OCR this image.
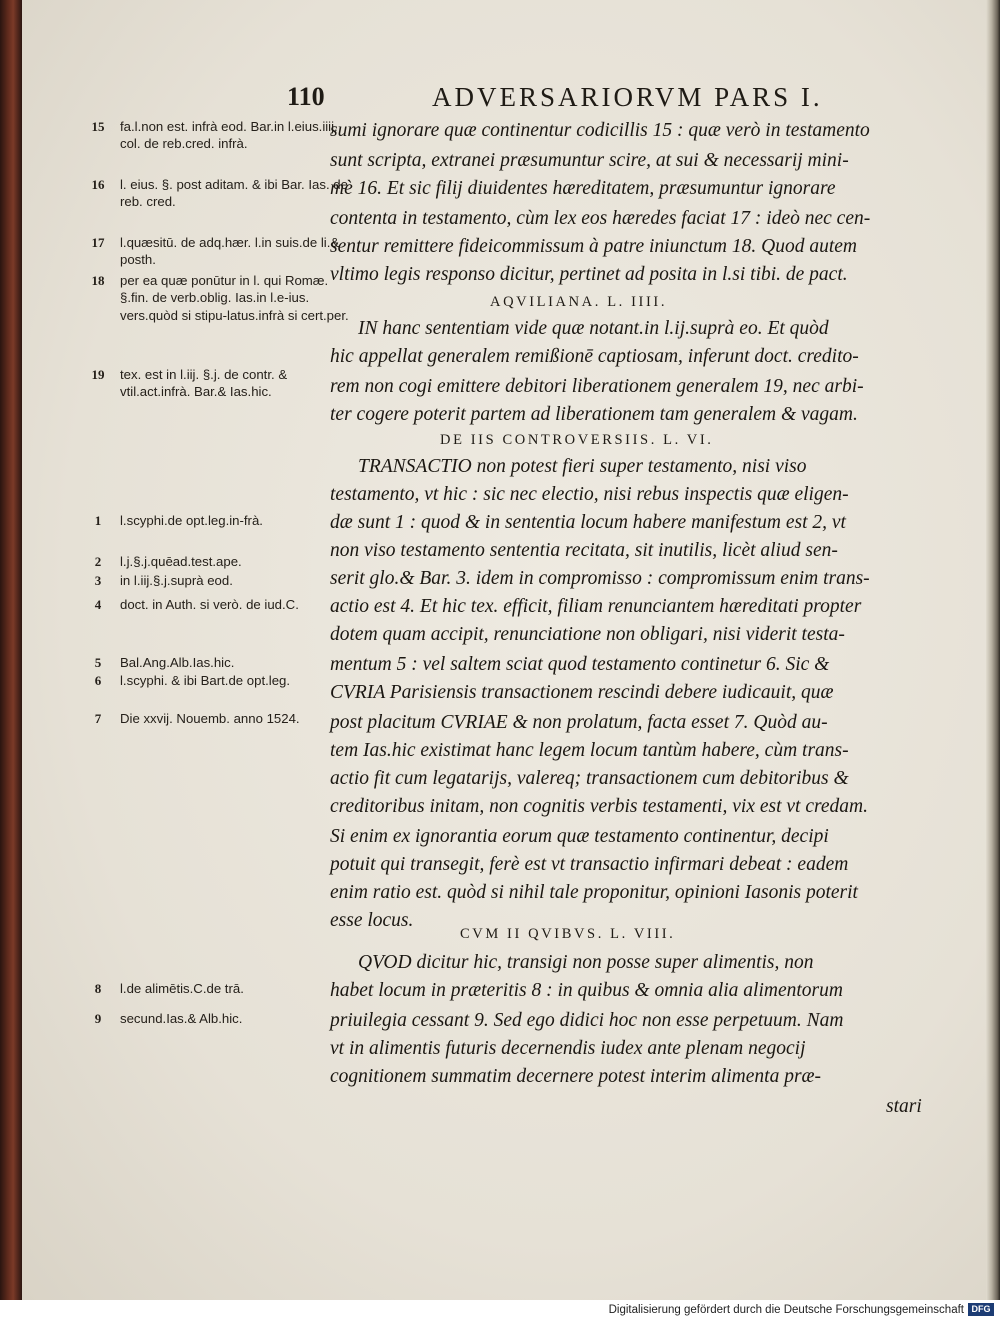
110	ADVERSARIORVM PARS I.
15 fa.l.non est. infrà eod. Bar.in l.eius.iiij. col. de reb.cred. infrà.
16 l. eius. §. post aditam. & ibi Bar. Ias. de reb. cred.
17 l.quæsitū. de adq.hær. l.in suis.de li.& posth.
18 per ea quæ ponūtur in l. qui Romæ. §.fin. de verb.oblig. Ias.in l.e-ius. vers.quòd si stipu-latus.infrà si cert.per.
19 tex. est in l.iij. §.j. de contr. & vtil.act.infrà. Bar.& Ias.hic.
1	l.scyphi.de opt.leg.in-frà.
2	l.j.§.j.quēad.test.ape.
3	in l.iij.§.j.suprà eod.
4	doct. in Auth. si verò. de iud.C.
5	Bal.Ang.Alb.Ias.hic.
6	l.scyphi. & ibi Bart.de opt.leg.
7	Die xxvij. Nouemb. anno 1524.
8	l.de alimētis.C.de trā.
9	secund.Ias.& Alb.hic.
sumi ignorare quæ continentur codicillis 15 : quæ verò in testamento
sunt scripta, extranei præsumuntur scire, at sui & necessarij mini-
mè 16. Et sic filij diuidentes hæreditatem, præsumuntur ignorare
contenta in testamento, cùm lex eos hæredes faciat 17 : ideò nec cen-
sentur remittere fideicommissum à patre iniunctum 18. Quod autem
vltimo legis responso dicitur, pertinet ad posita in l.si tibi. de pact.
AQVILIANA. L. IIII.
IN hanc sententiam vide quæ notant.in l.ij.suprà eo. Et quòd
hic appellat generalem remißionē captiosam, inferunt doct. credito-
rem non cogi emittere debitori liberationem generalem 19, nec arbi-
ter cogere poterit partem ad liberationem tam generalem & vagam.
DE IIS CONTROVERSIIS. L. VI.
TRANSACTIO non potest fieri super testamento, nisi viso
testamento, vt hic : sic nec electio, nisi rebus inspectis quæ eligen-
dæ sunt 1 : quod & in sententia locum habere manifestum est 2, vt
non viso testamento sententia recitata, sit inutilis, licèt aliud sen-
serit glo.& Bar. 3. idem in compromisso : compromissum enim trans-
actio est 4. Et hic tex. efficit, filiam renunciantem hæreditati propter
dotem quam accipit, renunciatione non obligari, nisi viderit testa-
mentum 5 : vel saltem sciat quod testamento continetur 6. Sic &
CVRIA Parisiensis transactionem rescindi debere iudicauit, quæ
post placitum CVRIAE & non prolatum, facta esset 7. Quòd au-
tem Ias.hic existimat hanc legem locum tantùm habere, cùm trans-
actio fit cum legatarijs, valereq; transactionem cum debitoribus &
creditoribus initam, non cognitis verbis testamenti, vix est vt credam.
Si enim ex ignorantia eorum quæ testamento continentur, decipi
potuit qui transegit, ferè est vt transactio infirmari debeat : eadem
enim ratio est. quòd si nihil tale proponitur, opinioni Iasonis poterit
esse locus.
CVM II QVIBVS. L. VIII.
QVOD dicitur hic, transigi non posse super alimentis, non
habet locum in præteritis 8 : in quibus & omnia alia alimentorum
priuilegia cessant 9. Sed ego didici hoc non esse perpetuum. Nam
vt in alimentis futuris decernendis iudex ante plenam negocij
cognitionem summatim decernere potest interim alimenta præ-
stari
Digitalisierung gefördert durch die Deutsche Forschungsgemeinschaft DFG
